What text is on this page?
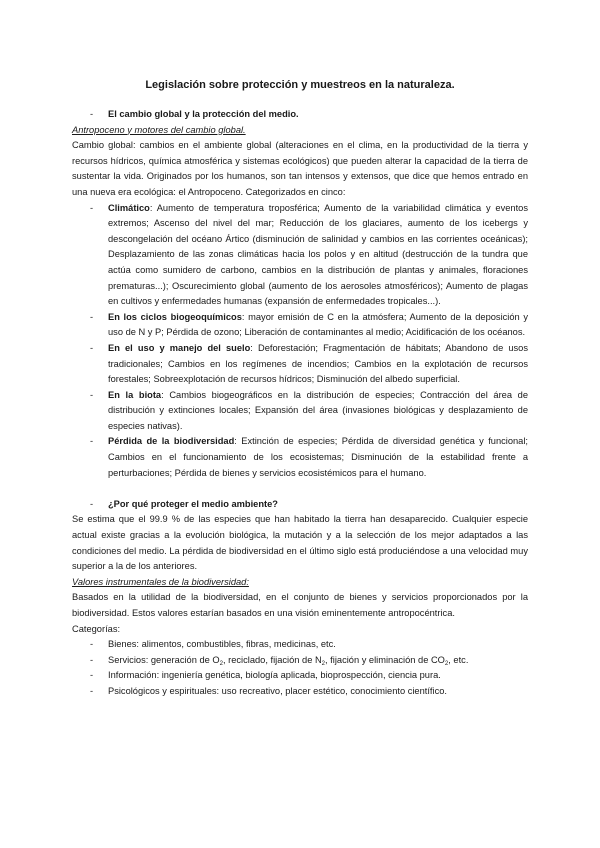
Legislación sobre protección y muestreos en la naturaleza.
- El cambio global y la protección del medio.
Antropoceno y motores del cambio global.
Cambio global: cambios en el ambiente global (alteraciones en el clima, en la productividad de la tierra y recursos hídricos, química atmosférica y sistemas ecológicos) que pueden alterar la capacidad de la tierra de sustentar la vida. Originados por los humanos, son tan intensos y extensos, que dice que hemos entrado en una nueva era ecológica: el Antropoceno. Categorizados en cinco:
- Climático: Aumento de temperatura troposférica; Aumento de la variabilidad climática y eventos extremos; Ascenso del nivel del mar; Reducción de los glaciares, aumento de los icebergs y descongelación del océano Ártico (disminución de salinidad y cambios en las corrientes oceánicas); Desplazamiento de las zonas climáticas hacia los polos y en altitud (destrucción de la tundra que actúa como sumidero de carbono, cambios en la distribución de plantas y animales, floraciones prematuras...); Oscurecimiento global (aumento de los aerosoles atmosféricos); Aumento de plagas en cultivos y enfermedades humanas (expansión de enfermedades tropicales...).
- En los ciclos biogeoquímicos: mayor emisión de C en la atmósfera; Aumento de la deposición y uso de N y P; Pérdida de ozono; Liberación de contaminantes al medio; Acidificación de los océanos.
- En el uso y manejo del suelo: Deforestación; Fragmentación de hábitats; Abandono de usos tradicionales; Cambios en los regímenes de incendios; Cambios en la explotación de recursos forestales; Sobreexplotación de recursos hídricos; Disminución del albedo superficial.
- En la biota: Cambios biogeográficos en la distribución de especies; Contracción del área de distribución y extinciones locales; Expansión del área (invasiones biológicas y desplazamiento de especies nativas).
- Pérdida de la biodiversidad: Extinción de especies; Pérdida de diversidad genética y funcional; Cambios en el funcionamiento de los ecosistemas; Disminución de la estabilidad frente a perturbaciones; Pérdida de bienes y servicios ecosistémicos para el humano.
- ¿Por qué proteger el medio ambiente?
Se estima que el 99.9 % de las especies que han habitado la tierra han desaparecido. Cualquier especie actual existe gracias a la evolución biológica, la mutación y a la selección de los mejor adaptados a las condiciones del medio. La pérdida de biodiversidad en el último siglo está produciéndose a una velocidad muy superior a la de los anteriores.
Valores instrumentales de la biodiversidad:
Basados en la utilidad de la biodiversidad, en el conjunto de bienes y servicios proporcionados por la biodiversidad. Estos valores estarían basados en una visión eminentemente antropocéntrica.
Categorías:
- Bienes: alimentos, combustibles, fibras, medicinas, etc.
- Servicios: generación de $O_2$, reciclado, fijación de $N_2$, fijación y eliminación de $CO_2$, etc.
- Información: ingeniería genética, biología aplicada, bioprospección, ciencia pura.
- Psicológicos y espirituales: uso recreativo, placer estético, conocimiento científico.
